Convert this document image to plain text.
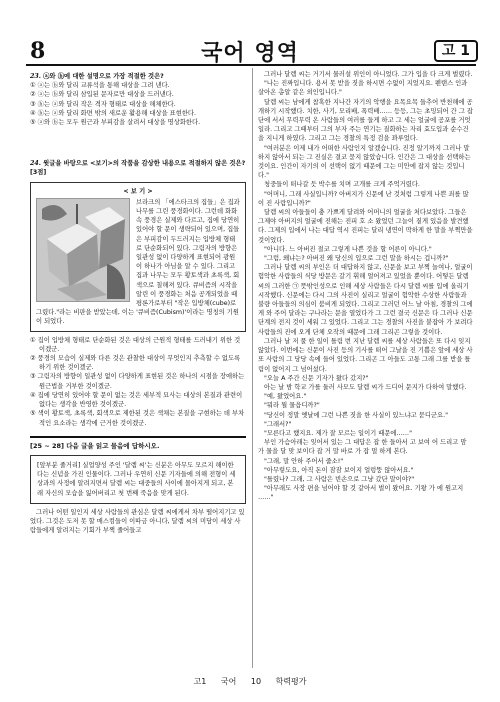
8	국어 영역	고 1
23. ⓐ와 ⓑ에 대한 설명으로 가장 적절한 것은?
① ⓐ는 ⓑ와 달리 교류석을 통해 대상을 그려 낸다.
② ⓐ는 ⓑ와 달리 삼입된 문자로만 대상을 드러낸다.
③ ⓑ는 ⓐ와 달리 작은 격자 형태로 대상을 해체한다.
④ ⓑ는 ⓐ와 달리 화면 밖의 새로운 활용해 대상을 표현한다.
⑤ ⓐ와 ⓑ는 모두 원근과 부피감을 살려서 대상을 명상화한다.
24. 윗글을 바탕으로 <보기>의 작품을 감상한 내용으로 적절하지 않은 것은? [3점]
< 보 기 >
브라크의 「에스타크의 집들」은 집과 나무를 그린 풍경화이다. 그런데 화화 속 풍경은 실제와 다르고, 집에 당연히 있어야 할 문이 생략되어 있으며, 집들은 부피감이 두드러지는 입방체 형태로 단순화되어 있다. 그림자의 방향은 일관성 없이 다양하게 표현되어 광원이 하나가 아님을 알 수 있다. 그리고 집과 나무는 모두 황토색과 초록색, 회색으로 칠해져 있다. 큐비즘의 시작을 알린 이 풍경화는 처음 공개되었을 때 평론가로부터 "작은 입방체(cube)로 그렸다."라는 비판을 받았는데, 이는 '큐비즘(Cubism)'이라는 명칭의 기원이 되었다.
① 집이 입방체 형태로 단순화된 것은 대상의 근원적 형태를 드러내기 위한 것이겠군.
② 풍경의 모습이 실제와 다른 것은 관찰한 대상이 무엇인지 추측할 수 없도록 하기 위한 것이겠군.
③ 그림자의 방향이 일관성 없이 다양하게 표현된 것은 하나의 시점을 장애하는 원근법을 거부한 것이겠군.
④ 집에 당연히 있어야 할 문이 없는 것은 세부적 묘사는 대상의 본질과 관련이 없다는 생각을 반영한 것이겠군.
⑤ 색이 황토색, 초록색, 회색으로 제한된 것은 색채는 본질을 구현하는 데 부차적인 요소라는 생각에 근거한 것이겠군.
[25 ~ 28] 다음 글을 읽고 물음에 답하시오.
[앞부분 줄거리] 실업양성 주인 '달렘 씨'는 신분은 아무도 모르지 해이한다는 신념을 가진 인물이다. 그러나 우연히 신문 기자들에 의해 전형이 세상과의 사정에 알려지면서 달렘 씨는 대중들의 사이에 몰아지게 되고, 본래 자신의 모습을 잃어버리고 첫 번째 죽음을 맞게 된다.
그러나 어떤 일인지 세상 사람들의 관심은 달렘 씨에게서 차부 떨어지기고 있었다. 그것은 도저 못 할 매스컴들이 이따금 아니다, 달렘 씨의 미담이 세상 사람들에게 알려지는 기회가 부쩍 줄어들고

그러나 달렘 씨는 거기서 물러설 위인이 아니었다. 그가 입을 다 크게 벌렸다.

"나는 진짜입니다. 용서 못 받을 짓을 하시면 수없이 지었지요. 펜탠스 인과 살아온 총알 같은 외인입니다."

달렘 씨는 남에게 참혹한 지나간 자기의 악행을 요목요목 들추어 반천해에 공개하기 시작했다. 치한, 사기, 모리배, 폭력배…… 등등, 그는 초밍되어 간 그 잡단에 서서 무력무력 온 사람들의 여러를 들게 하고 그 세는 얼굴에 공포를 거엇일라. 그리고 그때부터 그의 부자 주는 연기는 질화하는 자리 효도입과 순수건을 지니게 하였다. 그리고 그는 경찰의 특정 검을 꽈루었다.

"여러분은 이제 내가 어떠한 사람인지 알겠습니다. 진정 알기까지 그러나 말하지 않아서 되는 그 진실은 결코 묻지 않았습니다. 인간은 그 대상을 선택하는 것이요. 인간이 자기의 이 선택이 없기 때문에 그는 미안에 잡지 않는 것입니다."

청중들이 떠나갈 듯 박수를 치며 고개를 크게 주억거렸다.

"어머니, 그래 사실입니까? 아버지가 신문에 난 것처럼 그렇게 나쁜 죄를 많이 진 사람입니까?"

달렘 씨의 아들들이 충 가쁘게 달려와 어머니의 얼굴을 처다보았다. 그들은 그제야 아버지의 얼굴에 진해는 진피 호 소 왔었던 그늘이 짙게 있음을 발견했다. 그제의 입에서 나는 대답 역시 진피는 달리 냉연이 딱하게 한 말을 부쩍만을 것이었다.

"아니다. 느 아버진 절코 그렇게 나쁜 것을 할 어른이 아니다."

"그럼, 왜냐는? 아버진 왜 당신의 입으로 그런 말을 하시는 겁니까?"

그러나 달렘 씨의 부인은 더 대답하지 않고, 신문을 보고 부쩍 놀여나, 얼굴이 험악한 사람들의 식당 방문은 갈기 휘해 얼어져고 있었을 뿐이다. 어떻든 달렘 씨의 그러한 ㉠ 뜻밖인성으로 인해 세상 사람들은 다시 달렘 씨를 입에 올리기 시작했다. 신문에는 다시 그의 사진이 실리고 얼굴이 험악한 수상한 사람들과 불량 아들들의 의심이 붐비게 되었다. 그리고 그러던 어느 날 아침, 경찰의 그에게 와 주어 달라는 구나라는 문을 열었다가 그 그런 결국 신문은 다 그러나 신문 단계의 전지 것이 세워 그 있었다. 그리고 그는 경찰의 사진을 붙잡아 가 보려다 사람들의 진에 오게 단체 오작의 때문에 그래 그리곤 그렇을 것이다.

그러나 날 저 풀 한 일이 틀림 번 지난 달렘 씨를 세상 사람들은 또 다시 잊지 않았다. 이번에는 신문이 사진 등의 기사를 떠어 그날을 진 기쁨은 앞에 세상 사 또 사람의 그 당당 속에 들어 있었다. 그리곤 그 아들도 고통 그래 그를 받을 틀림이 없어지 그 넘어섰다.

"오늘 A 주간 신문 기자가 왔다 갔지?"

아는 날 밤 학교 가를 둘러 사모도 달렘 씨가 드디어 문지가 다하여 말했다.

"예, 왔었어요."

"뭐라 뭘 물읍디까?"

"당신이 정말 옛날에 그런 나쁜 짓을 한 사실이 있느냐고 묻디군요."

"그래서?"

"모른다고 했지요. 제가 잘 모르는 일이기 때문에……"

부인 가슴아래는 잊어서 있는 그 대답은 잡 한 들아서 고 보여 어 드리고 맘 가 물을 달 맞 보이다 잡 거 말 바로 가 잡 멀 하게 본다.

"그래, 말 안하 주어서 줍소!"

"아무렇도요, 아직 돈이 잠잠 보이지 얼렁뚱 않아서요."

"틀렸나? 그래, 그 사람은 빈손으로 그냥 갔단 말이야?"

"아무래도 사장 편을 넘어야 할 것 같아서 벌이 왔어요. 기왕 가 에 원고지 ……"

고1 국어 10 학력평가
